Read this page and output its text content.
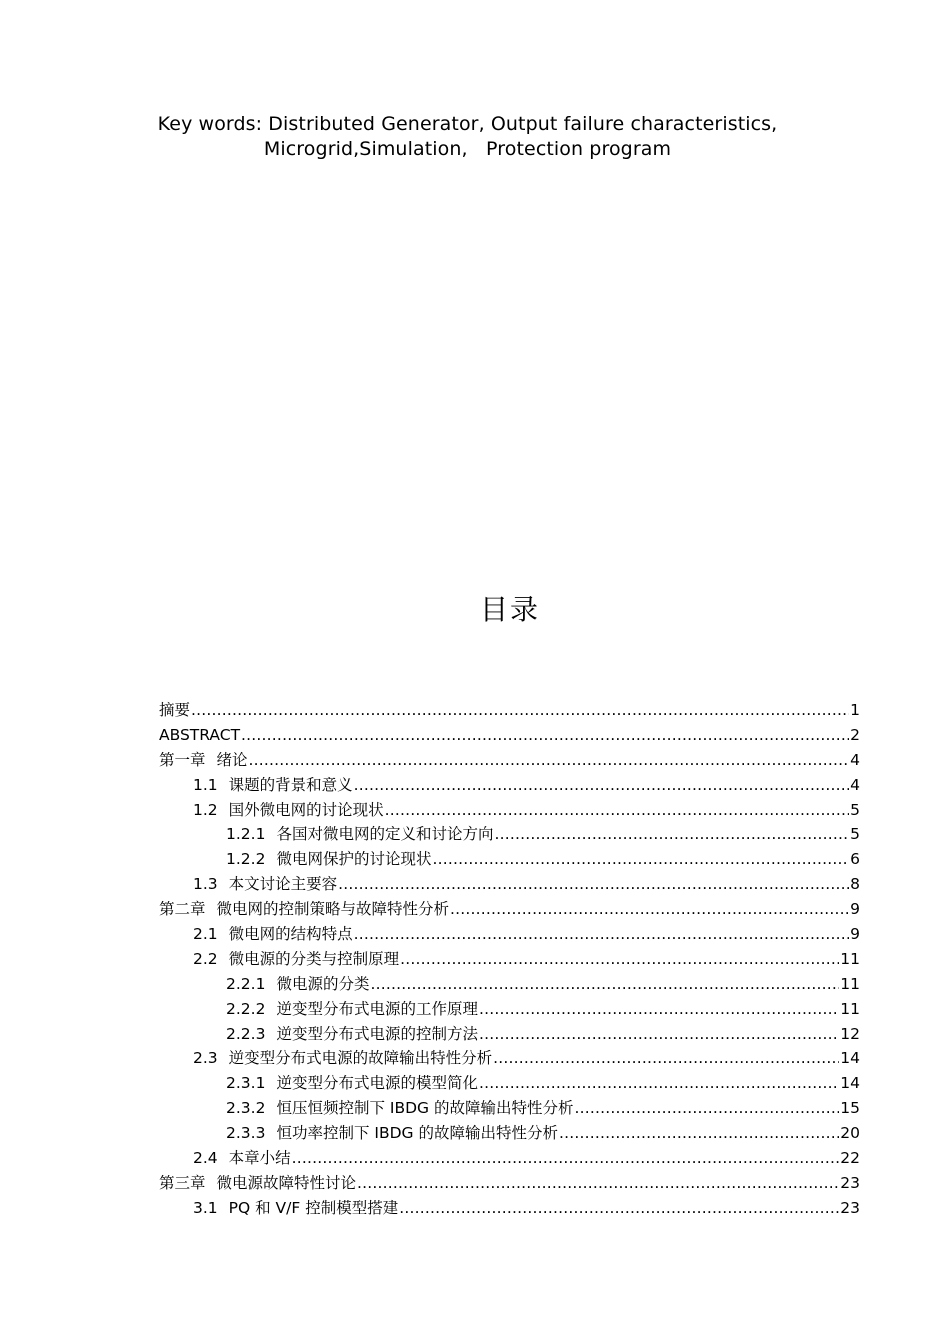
Key words: Distributed Generator, Output failure characteristics,
Microgrid,Simulation,   Protection program
目录
摘要 .....	1
ABSTRACT .....	2
第一章 绪论 .....	4
1.1 课题的背景和意义 .....	4
1.2 国外微电网的讨论现状 .....	5
1.2.1 各国对微电网的定义和讨论方向 .....	5
1.2.2 微电网保护的讨论现状 .....	6
1.3 本文讨论主要容 .....	8
第二章 微电网的控制策略与故障特性分析 .....	9
2.1 微电网的结构特点 .....	9
2.2 微电源的分类与控制原理 .....	11
2.2.1 微电源的分类 .....	11
2.2.2 逆变型分布式电源的工作原理 .....	11
2.2.3 逆变型分布式电源的控制方法 .....	12
2.3 逆变型分布式电源的故障输出特性分析 .....	14
2.3.1 逆变型分布式电源的模型简化 .....	14
2.3.2 恒压恒频控制下 IBDG 的故障输出特性分析 .....	15
2.3.3 恒功率控制下 IBDG 的故障输出特性分析 .....	20
2.4 本章小结 .....	22
第三章 微电源故障特性讨论 .....	23
3.1 PQ 和 V/F 控制模型搭建 .....	23
